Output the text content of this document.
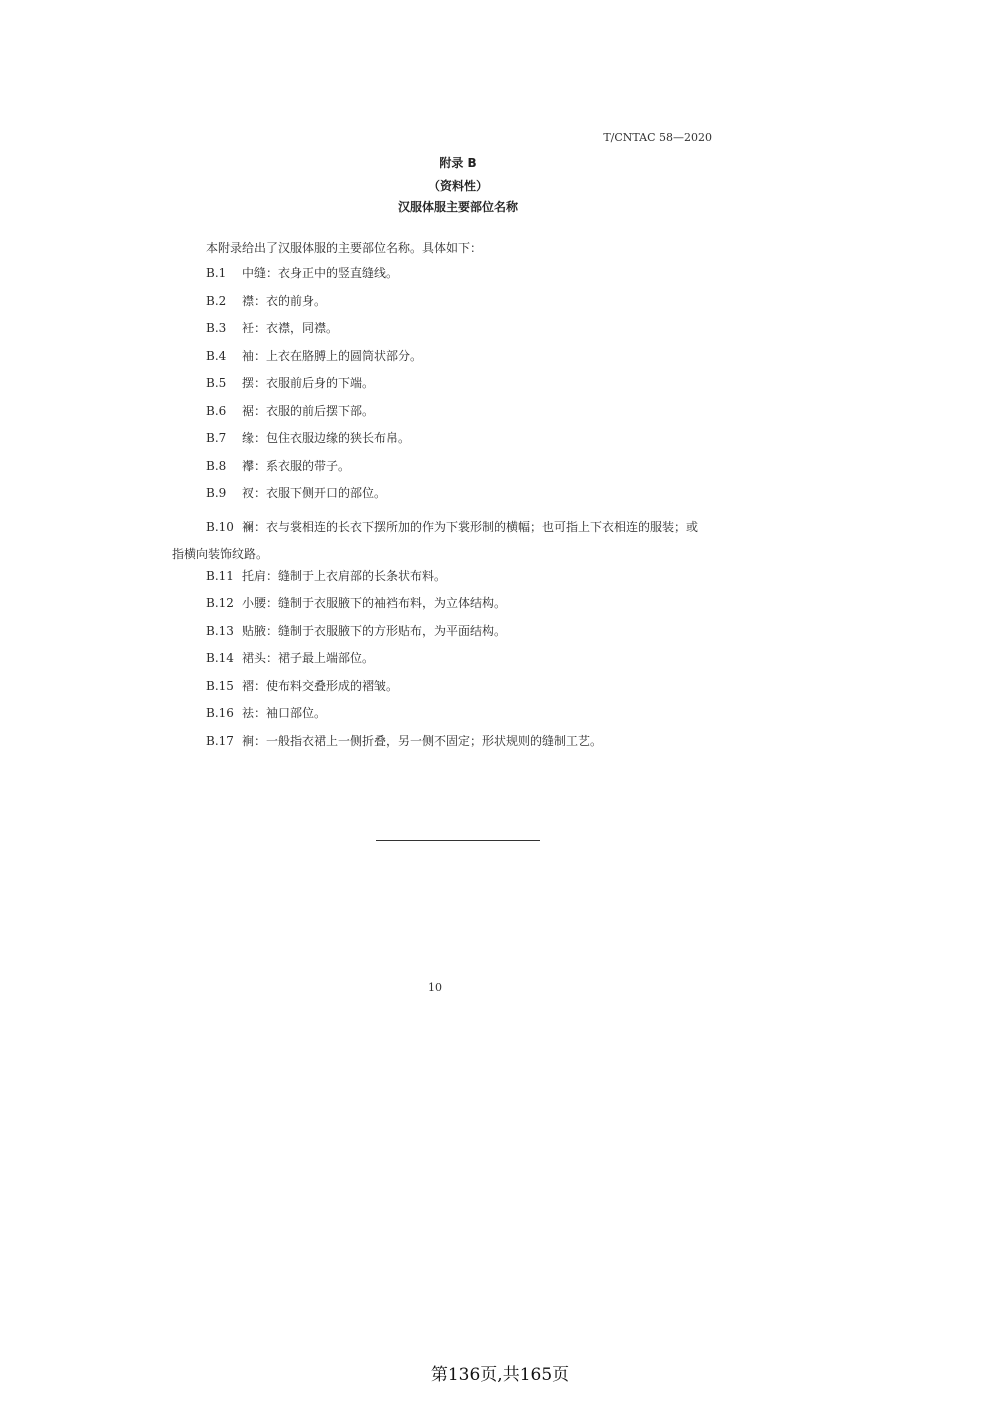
T/CNTAC 58—2020
附录 B
（资料性）
汉服体服主要部位名称
本附录给出了汉服体服的主要部位名称。具体如下：
B.1 中缝：衣身正中的竖直缝线。
B.2 襟：衣的前身。
B.3 衽：衣襟，同襟。
B.4 袖：上衣在胳膊上的圆筒状部分。
B.5 摆：衣服前后身的下端。
B.6 裾：衣服的前后摆下部。
B.7 缘：包住衣服边缘的狭长布帛。
B.8 襻：系衣服的带子。
B.9 衩：衣服下侧开口的部位。
B.10 襕：衣与裳相连的长衣下摆所加的作为下裳形制的横幅；也可指上下衣相连的服装；或
指横向装饰纹路。
B.11 托肩：缝制于上衣肩部的长条状布料。
B.12 小腰：缝制于衣服腋下的袖裆布料，为立体结构。
B.13 贴腋：缝制于衣服腋下的方形贴布，为平面结构。
B.14 裙头：裙子最上端部位。
B.15 褶：使布料交叠形成的褶皱。
B.16 祛：袖口部位。
B.17 裥：一般指衣裙上一侧折叠，另一侧不固定；形状规则的缝制工艺。
10
第136页,共165页
